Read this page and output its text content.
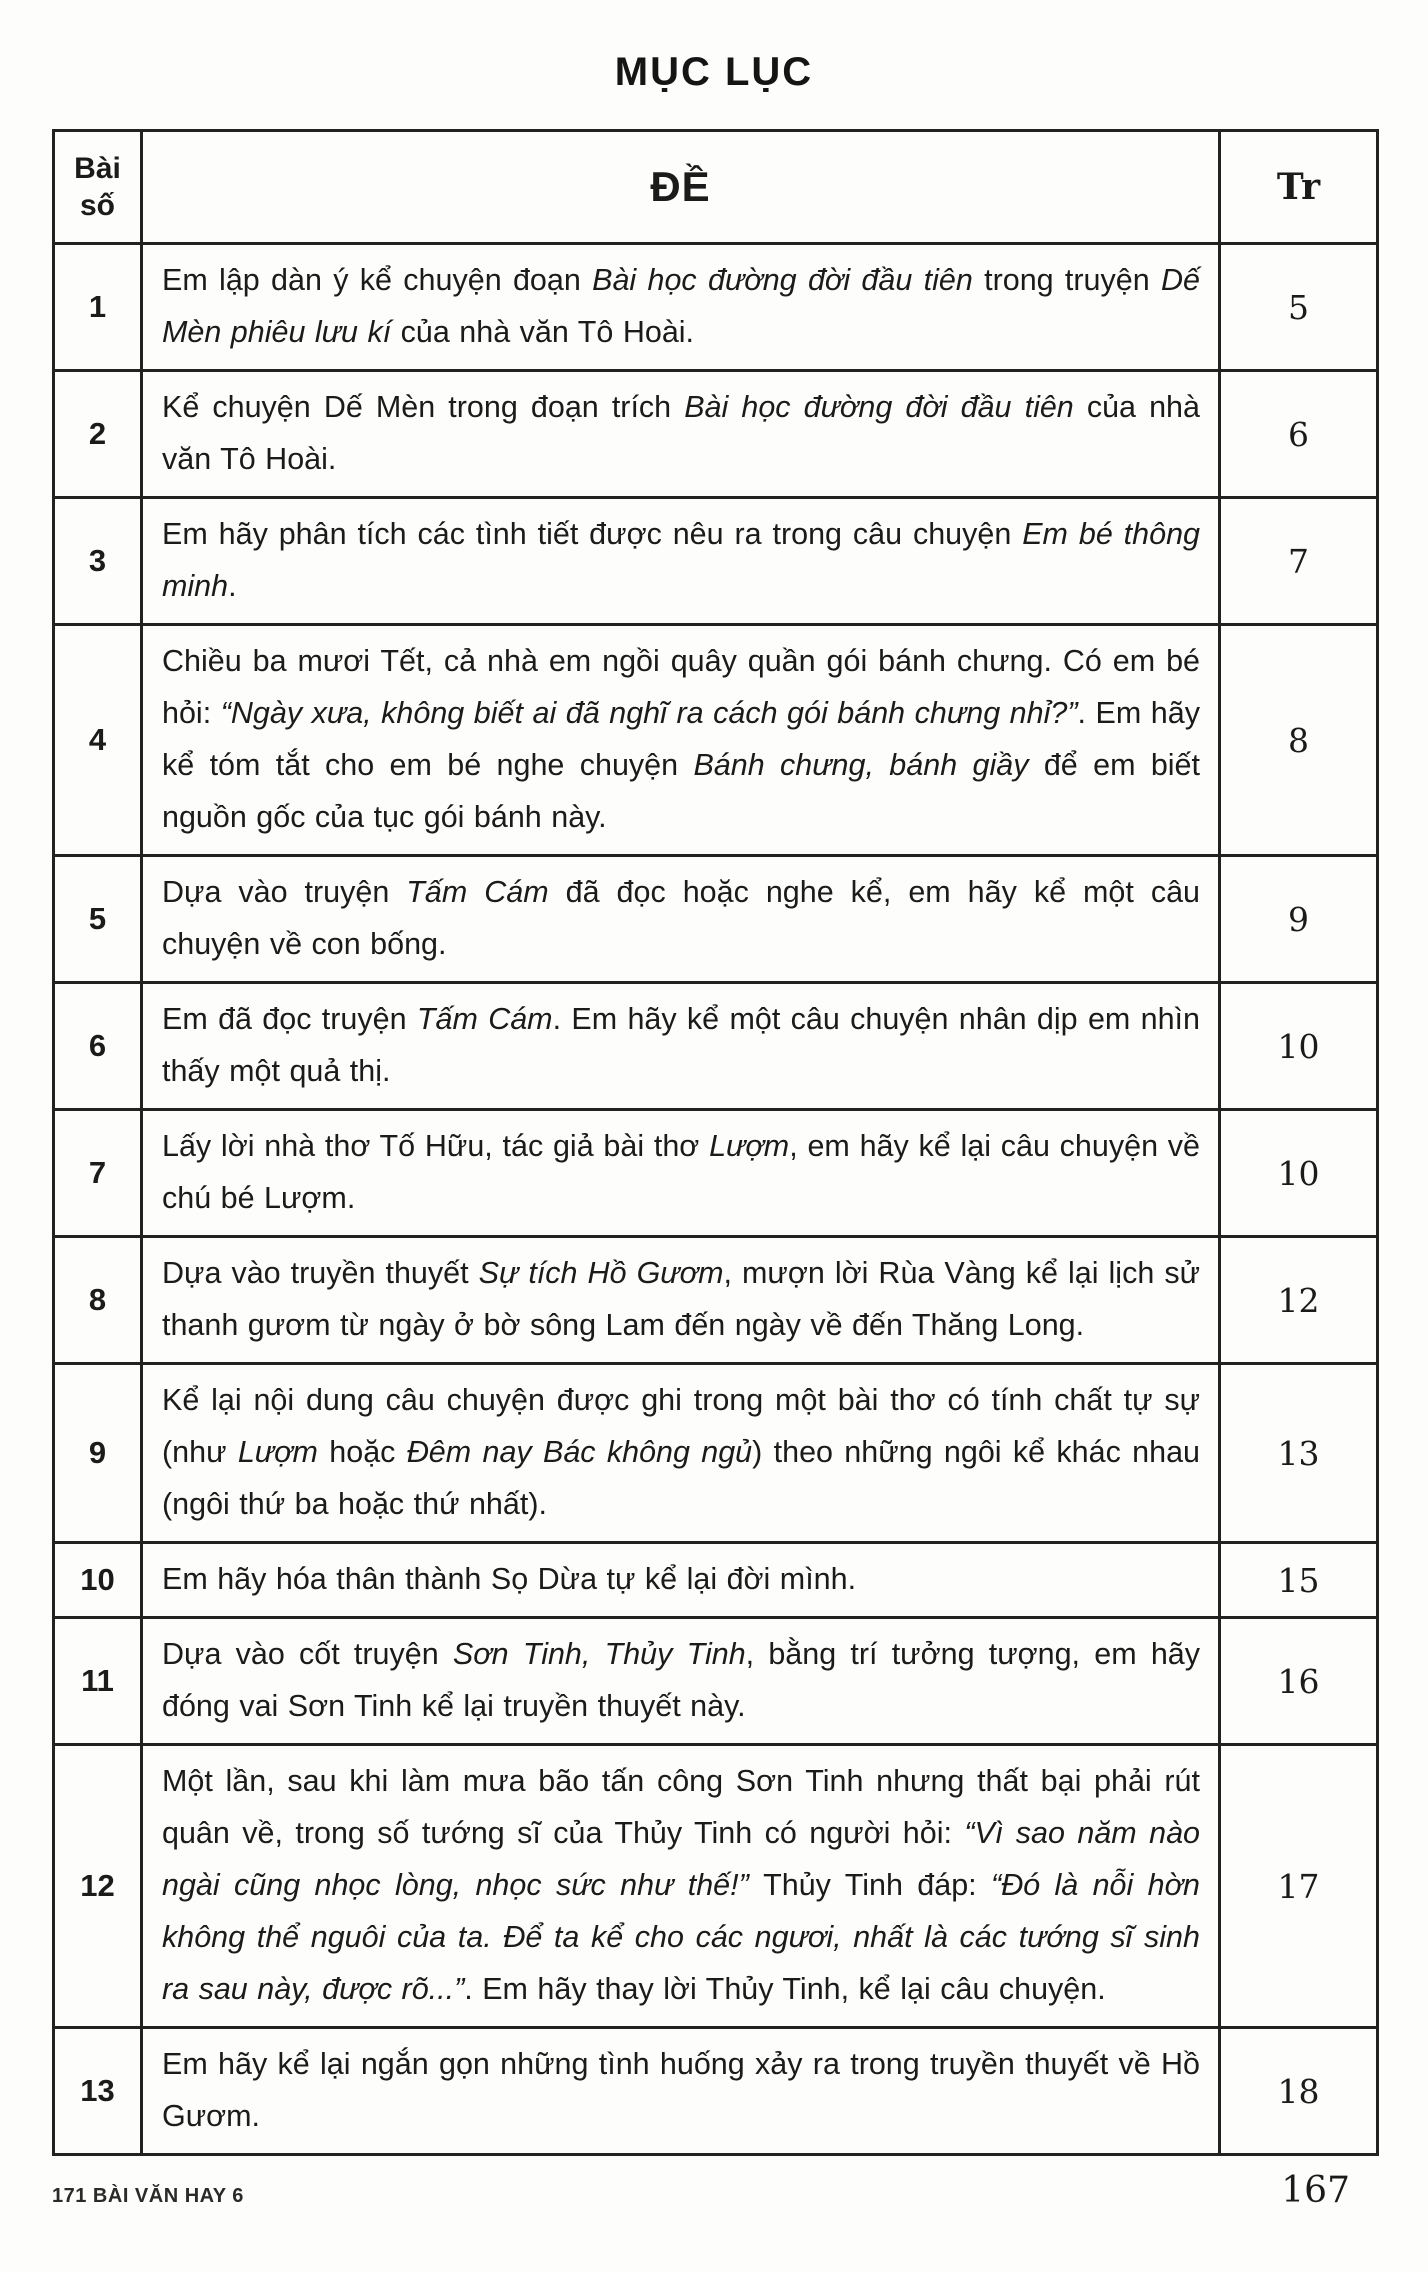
MỤC LỤC
Bài
số	ĐỀ	Tr
1	Em lập dàn ý kể chuyện đoạn Bài học đường đời đầu tiên trong truyện Dế Mèn phiêu lưu kí của nhà văn Tô Hoài.	5
2	Kể chuyện Dế Mèn trong đoạn trích Bài học đường đời đầu tiên của nhà văn Tô Hoài.	6
3	Em hãy phân tích các tình tiết được nêu ra trong câu chuyện Em bé thông minh.	7
4	Chiều ba mươi Tết, cả nhà em ngồi quây quần gói bánh chưng. Có em bé hỏi: “Ngày xưa, không biết ai đã nghĩ ra cách gói bánh chưng nhỉ?”. Em hãy kể tóm tắt cho em bé nghe chuyện Bánh chưng, bánh giầy để em biết nguồn gốc của tục gói bánh này.	8
5	Dựa vào truyện Tấm Cám đã đọc hoặc nghe kể, em hãy kể một câu chuyện về con bống.	9
6	Em đã đọc truyện Tấm Cám. Em hãy kể một câu chuyện nhân dịp em nhìn thấy một quả thị.	10
7	Lấy lời nhà thơ Tố Hữu, tác giả bài thơ Lượm, em hãy kể lại câu chuyện về chú bé Lượm.	10
8	Dựa vào truyền thuyết Sự tích Hồ Gươm, mượn lời Rùa Vàng kể lại lịch sử thanh gươm từ ngày ở bờ sông Lam đến ngày về đến Thăng Long.	12
9	Kể lại nội dung câu chuyện được ghi trong một bài thơ có tính chất tự sự (như Lượm hoặc Đêm nay Bác không ngủ) theo những ngôi kể khác nhau (ngôi thứ ba hoặc thứ nhất).	13
10	Em hãy hóa thân thành Sọ Dừa tự kể lại đời mình.	15
11	Dựa vào cốt truyện Sơn Tinh, Thủy Tinh, bằng trí tưởng tượng, em hãy đóng vai Sơn Tinh kể lại truyền thuyết này.	16
12	Một lần, sau khi làm mưa bão tấn công Sơn Tinh nhưng thất bại phải rút quân về, trong số tướng sĩ của Thủy Tinh có người hỏi: “Vì sao năm nào ngài cũng nhọc lòng, nhọc sức như thế!” Thủy Tinh đáp: “Đó là nỗi hờn không thể nguôi của ta. Để ta kể cho các ngươi, nhất là các tướng sĩ sinh ra sau này, được rõ...”. Em hãy thay lời Thủy Tinh, kể lại câu chuyện.	17
13	Em hãy kể lại ngắn gọn những tình huống xảy ra trong truyền thuyết về Hồ Gươm.	18
171 BÀI VĂN HAY 6	167
